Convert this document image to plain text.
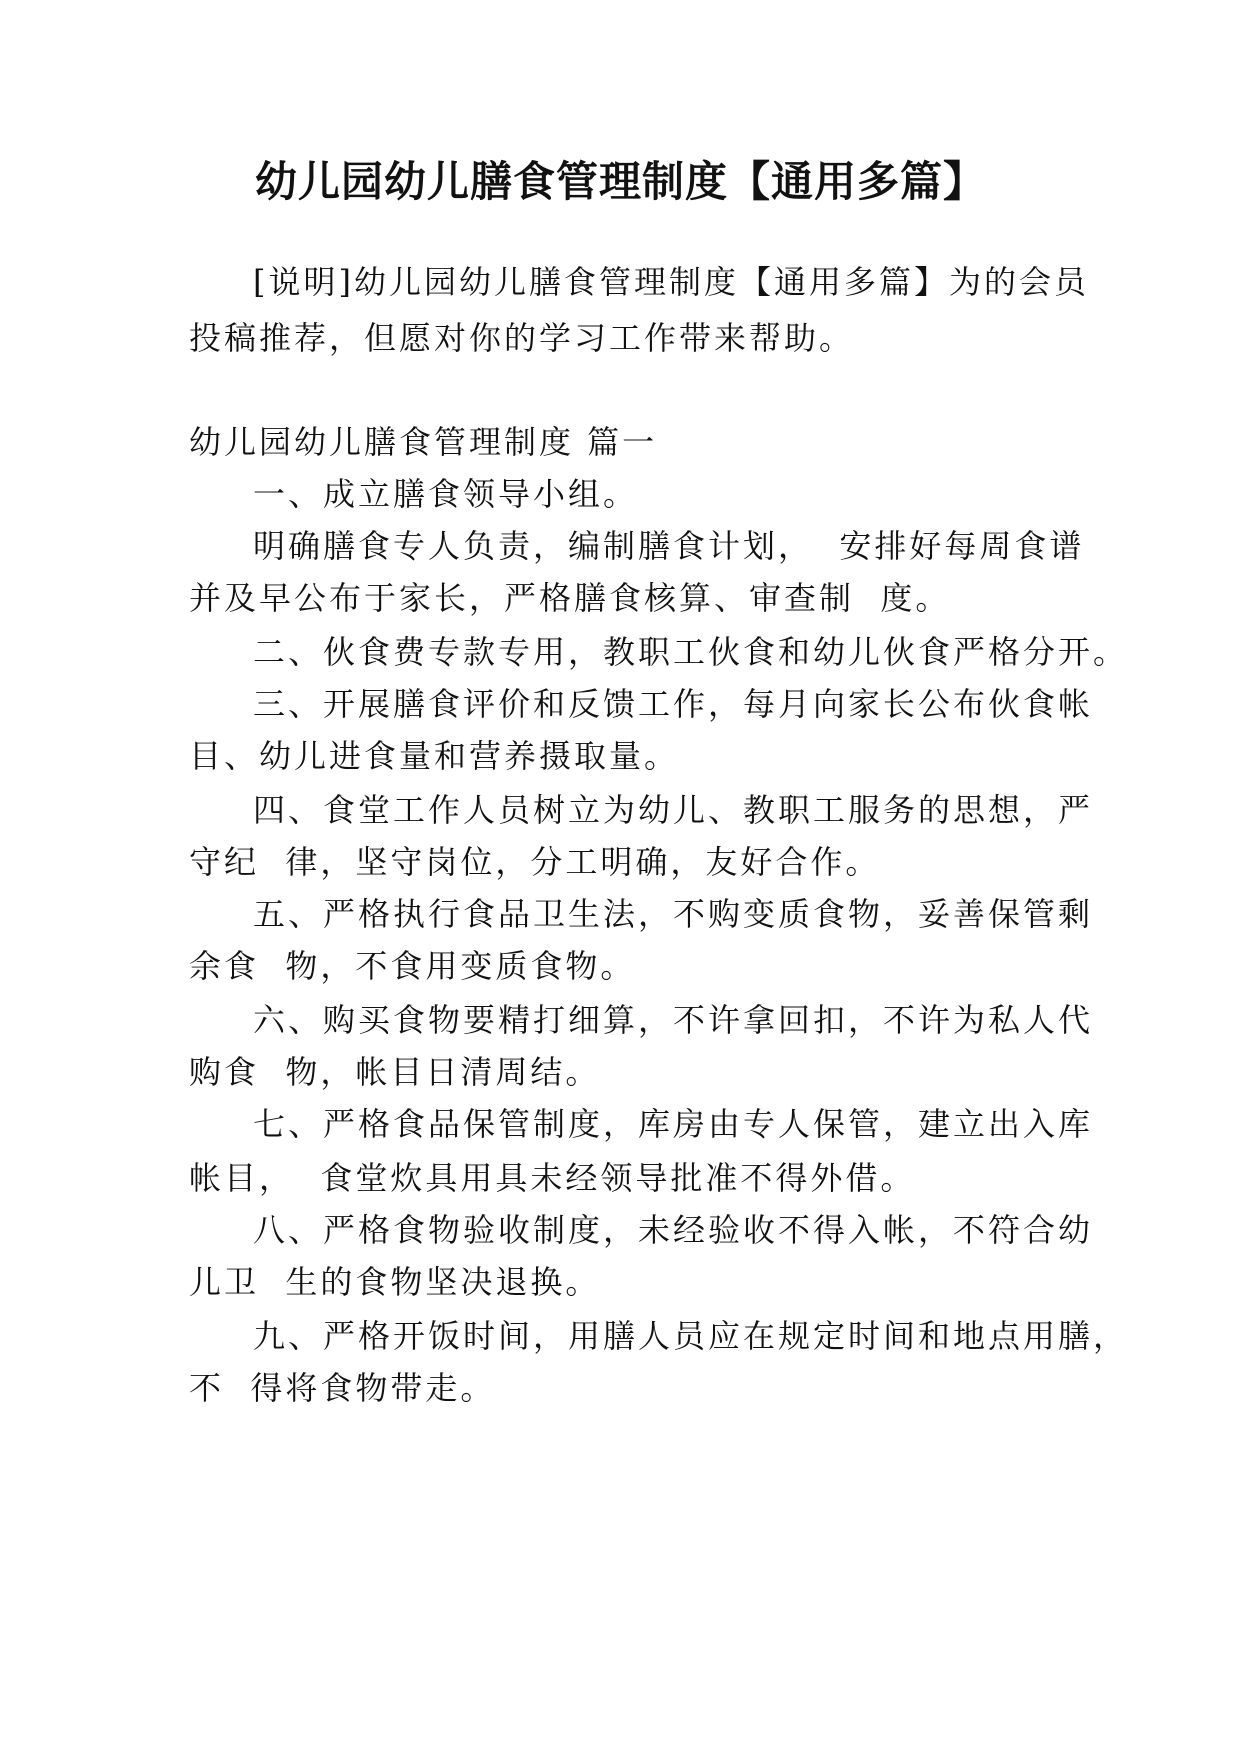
幼儿园幼儿膳食管理制度【通用多篇】

[说明]幼儿园幼儿膳食管理制度【通用多篇】为的会员

投稿推荐，但愿对你的学习工作带来帮助。

幼儿园幼儿膳食管理制度 篇一

一、成立膳食领导小组。

明确膳食专人负责，编制膳食计划，  安排好每周食谱

并及早公布于家长，严格膳食核算、审查制  度。

二、伙食费专款专用，教职工伙食和幼儿伙食严格分开。

三、开展膳食评价和反馈工作，每月向家长公布伙食帐

目、幼儿进食量和营养摄取量。

四、食堂工作人员树立为幼儿、教职工服务的思想，严

守纪  律，坚守岗位，分工明确，友好合作。

五、严格执行食品卫生法，不购变质食物，妥善保管剩

余食  物，不食用变质食物。

六、购买食物要精打细算，不许拿回扣，不许为私人代

购食  物，帐目日清周结。

七、严格食品保管制度，库房由专人保管，建立出入库

帐目，  食堂炊具用具未经领导批准不得外借。

八、严格食物验收制度，未经验收不得入帐，不符合幼

儿卫  生的食物坚决退换。

九、严格开饭时间，用膳人员应在规定时间和地点用膳，

不  得将食物带走。
